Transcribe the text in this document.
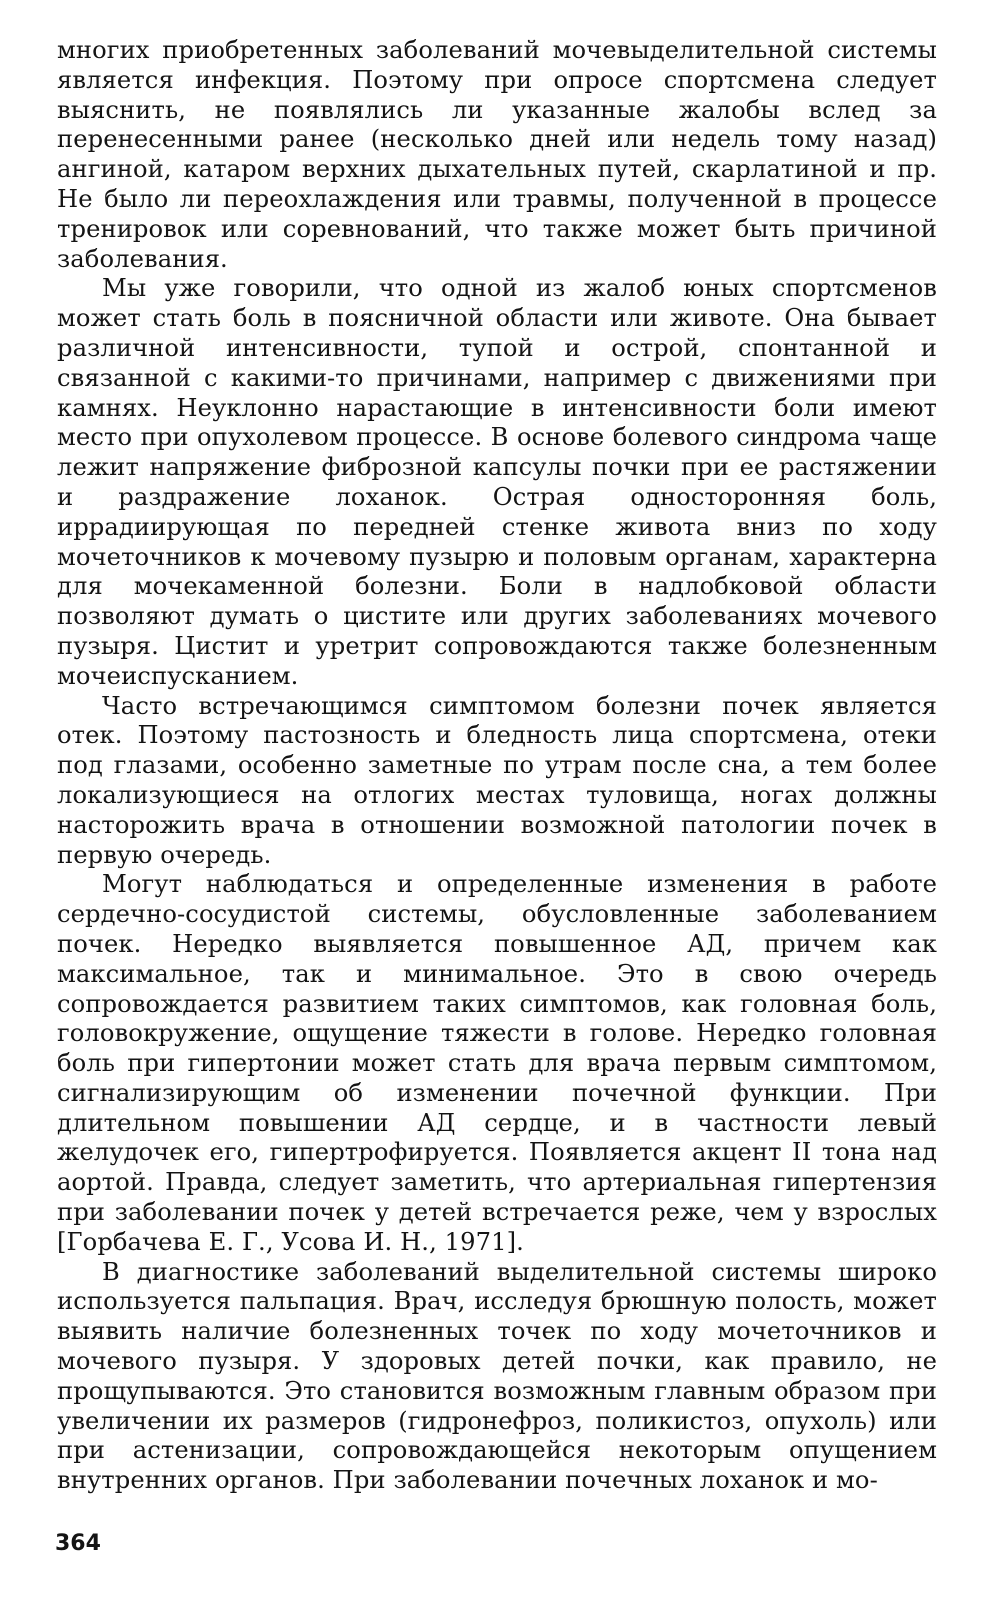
многих приобретенных заболеваний мочевыделительной системы является инфекция. Поэтому при опросе спортсмена следует выяснить, не появлялись ли указанные жалобы вслед за перенесенными ранее (несколько дней или недель тому назад) ангиной, катаром верхних дыхательных путей, скарлатиной и пр. Не было ли переохлаждения или травмы, полученной в процессе тренировок или соревнований, что также может быть причиной заболевания.

Мы уже говорили, что одной из жалоб юных спортсменов может стать боль в поясничной области или животе. Она бывает различной интенсивности, тупой и острой, спонтанной и связанной с какими-то причинами, например с движениями при камнях. Неуклонно нарастающие в интенсивности боли имеют место при опухолевом процессе. В основе болевого синдрома чаще лежит напряжение фиброзной капсулы почки при ее растяжении и раздражение лоханок. Острая односторонняя боль, иррадиирующая по передней стенке живота вниз по ходу мочеточников к мочевому пузырю и половым органам, характерна для мочекаменной болезни. Боли в надлобковой области позволяют думать о цистите или других заболеваниях мочевого пузыря. Цистит и уретрит сопровождаются также болезненным мочеиспусканием.

Часто встречающимся симптомом болезни почек является отек. Поэтому пастозность и бледность лица спортсмена, отеки под глазами, особенно заметные по утрам после сна, а тем более локализующиеся на отлогих местах туловища, ногах должны насторожить врача в отношении возможной патологии почек в первую очередь.

Могут наблюдаться и определенные изменения в работе сердечно-сосудистой системы, обусловленные заболеванием почек. Нередко выявляется повышенное АД, причем как максимальное, так и минимальное. Это в свою очередь сопровождается развитием таких симптомов, как головная боль, головокружение, ощущение тяжести в голове. Нередко головная боль при гипертонии может стать для врача первым симптомом, сигнализирующим об изменении почечной функции. При длительном повышении АД сердце, и в частности левый желудочек его, гипертрофируется. Появляется акцент II тона над аортой. Правда, следует заметить, что артериальная гипертензия при заболевании почек у детей встречается реже, чем у взрослых [Горбачева Е. Г., Усова И. Н., 1971].

В диагностике заболеваний выделительной системы широко используется пальпация. Врач, исследуя брюшную полость, может выявить наличие болезненных точек по ходу мочеточников и мочевого пузыря. У здоровых детей почки, как правило, не прощупываются. Это становится возможным главным образом при увеличении их размеров (гидронефроз, поликистоз, опухоль) или при астенизации, сопровождающейся некоторым опущением внутренних органов. При заболевании почечных лоханок и мо-

364
